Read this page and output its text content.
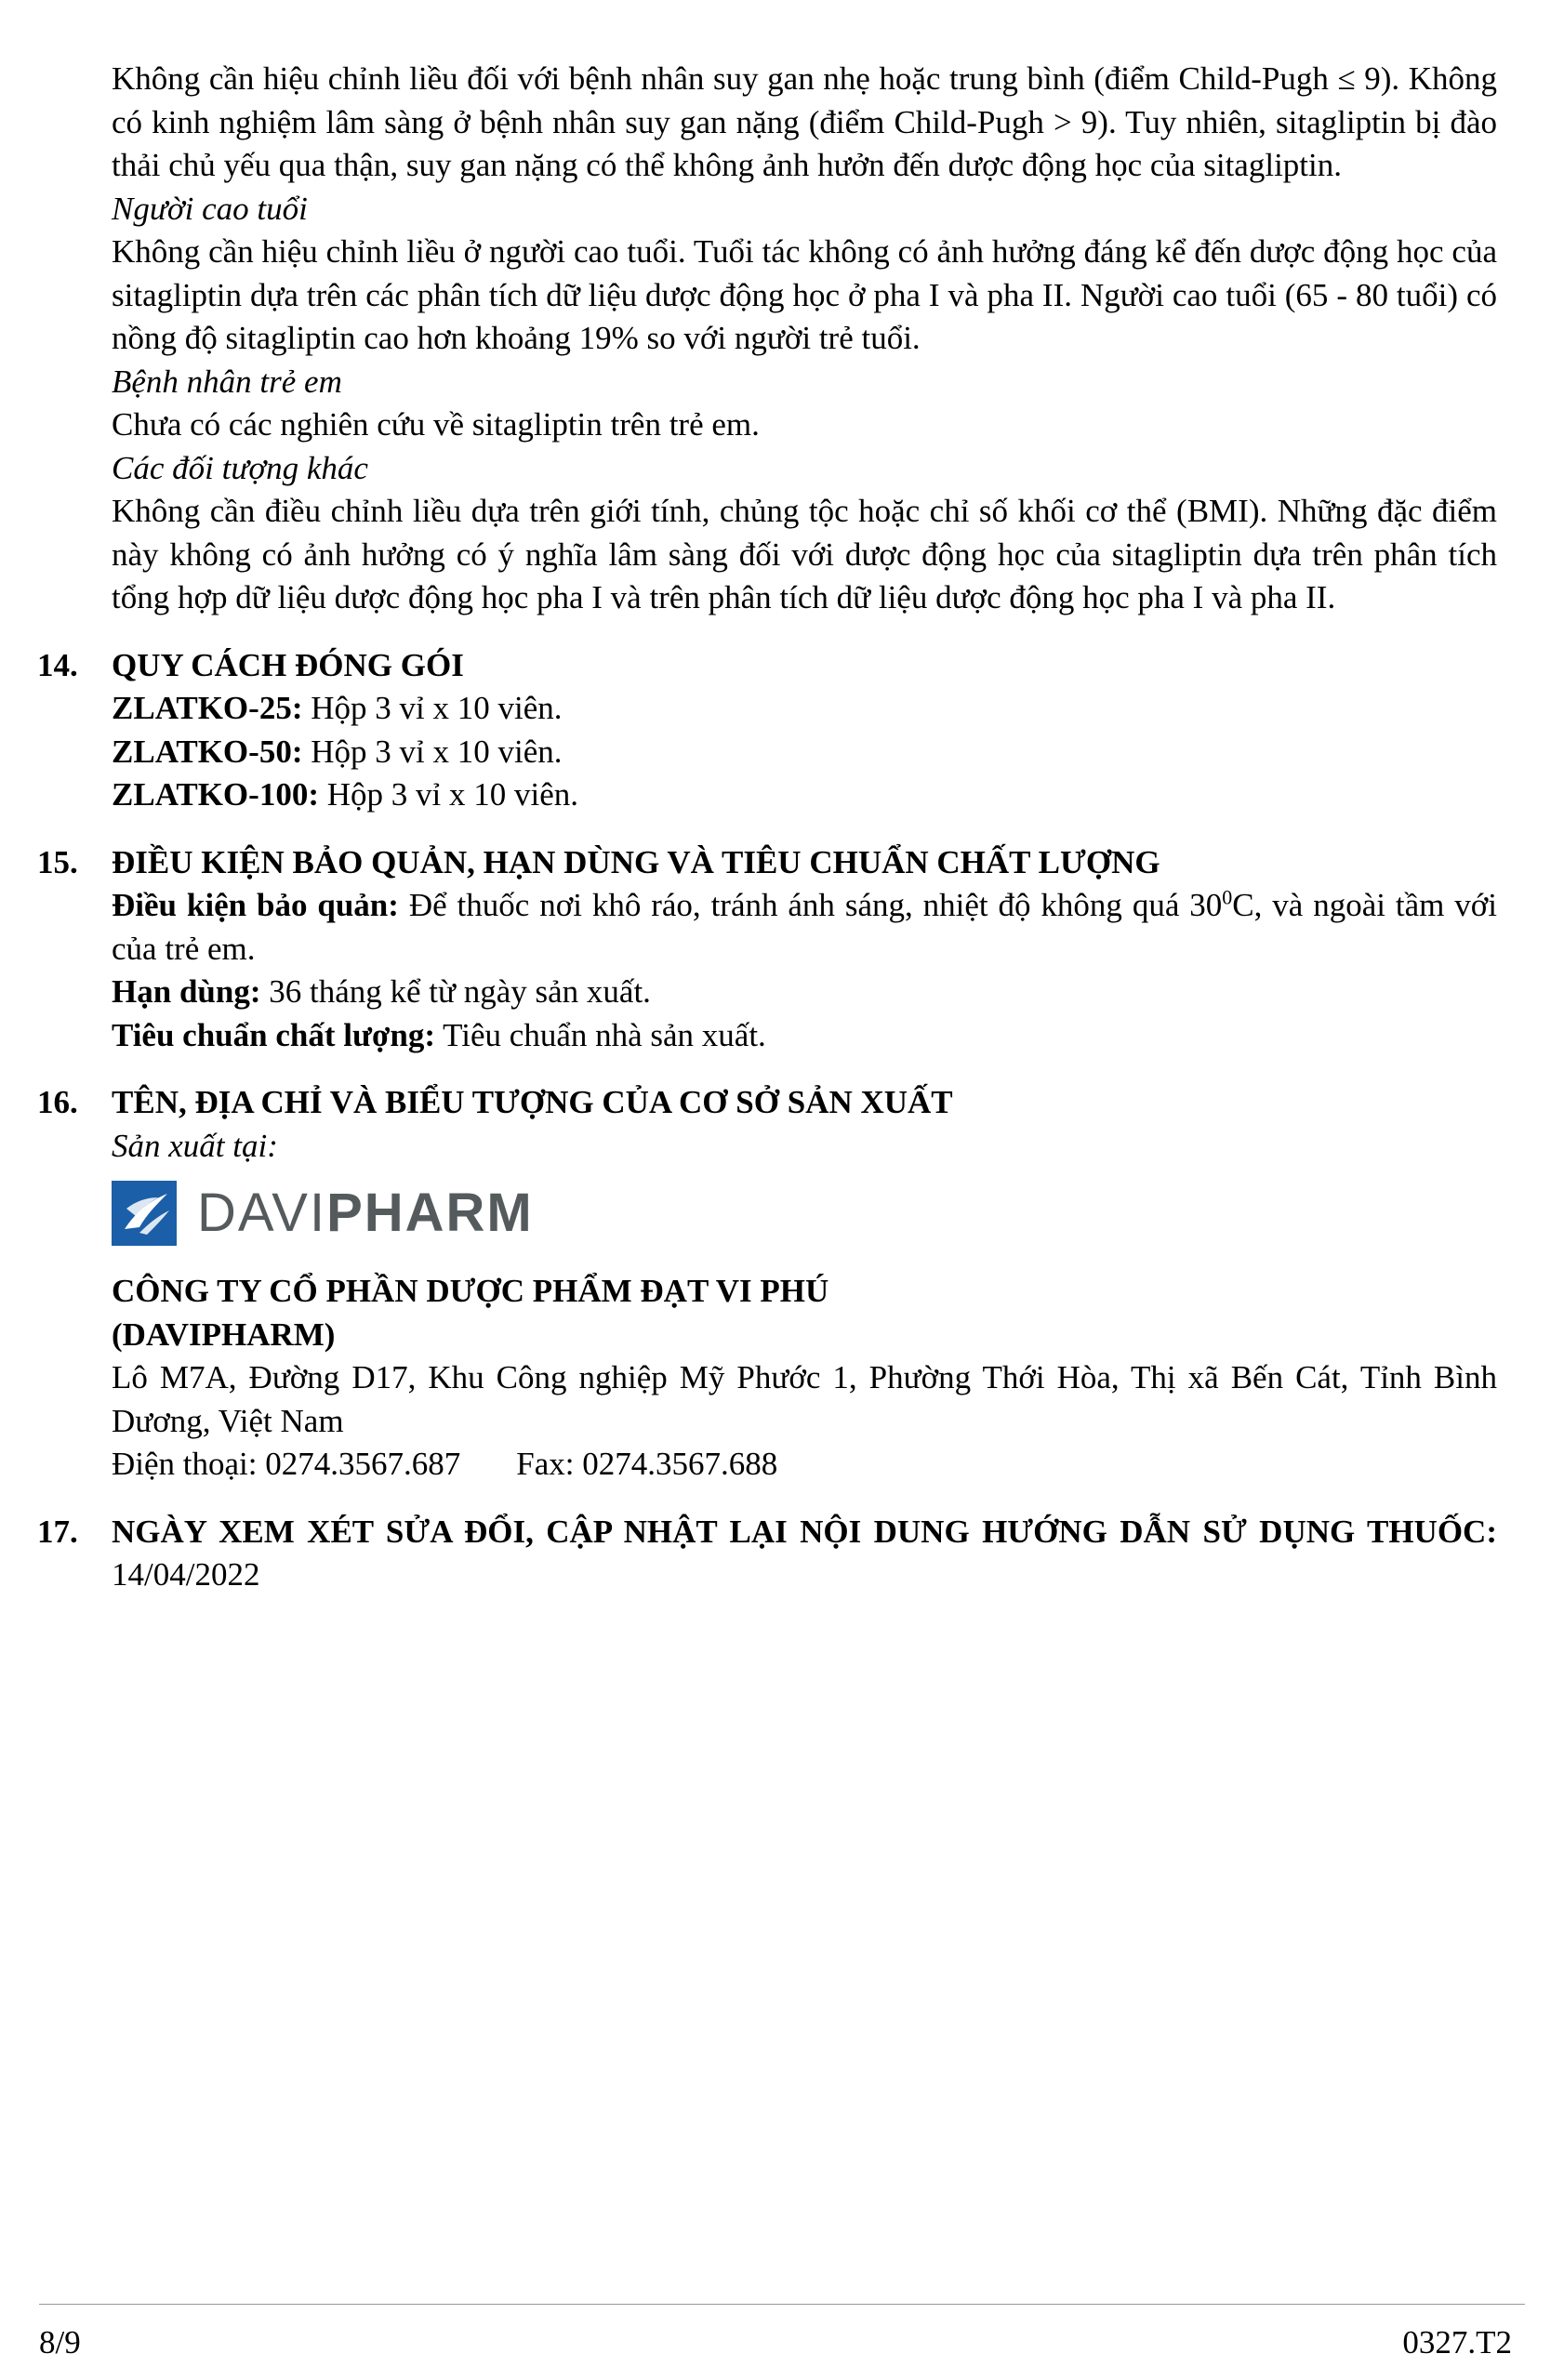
Không cần hiệu chỉnh liều đối với bệnh nhân suy gan nhẹ hoặc trung bình (điểm Child-Pugh ≤ 9). Không có kinh nghiệm lâm sàng ở bệnh nhân suy gan nặng (điểm Child-Pugh > 9). Tuy nhiên, sitagliptin bị đào thải chủ yếu qua thận, suy gan nặng có thể không ảnh hưởn đến dược động học của sitagliptin.

Người cao tuổi

Không cần hiệu chỉnh liều ở người cao tuổi. Tuổi tác không có ảnh hưởng đáng kể đến dược động học của sitagliptin dựa trên các phân tích dữ liệu dược động học ở pha I và pha II. Người cao tuổi (65 - 80 tuổi) có nồng độ sitagliptin cao hơn khoảng 19% so với người trẻ tuổi.

Bệnh nhân trẻ em

Chưa có các nghiên cứu về sitagliptin trên trẻ em.

Các đối tượng khác

Không cần điều chỉnh liều dựa trên giới tính, chủng tộc hoặc chỉ số khối cơ thể (BMI). Những đặc điểm này không có ảnh hưởng có ý nghĩa lâm sàng đối với dược động học của sitagliptin dựa trên phân tích tổng hợp dữ liệu dược động học pha I và trên phân tích dữ liệu dược động học pha I và pha II.

14. QUY CÁCH ĐÓNG GÓI

ZLATKO-25: Hộp 3 vỉ x 10 viên.

ZLATKO-50: Hộp 3 vỉ x 10 viên.

ZLATKO-100: Hộp 3 vỉ x 10 viên.

15. ĐIỀU KIỆN BẢO QUẢN, HẠN DÙNG VÀ TIÊU CHUẨN CHẤT LƯỢNG

Điều kiện bảo quản: Để thuốc nơi khô ráo, tránh ánh sáng, nhiệt độ không quá $30^0C$, và ngoài tầm với của trẻ em.

Hạn dùng: 36 tháng kể từ ngày sản xuất.

Tiêu chuẩn chất lượng: Tiêu chuẩn nhà sản xuất.

16. TÊN, ĐỊA CHỈ VÀ BIỂU TƯỢNG CỦA CƠ SỞ SẢN XUẤT

Sản xuất tại:

DAVIPHARM

CÔNG TY CỔ PHẦN DƯỢC PHẨM ĐẠT VI PHÚ

(DAVIPHARM)

Lô M7A, Đường D17, Khu Công nghiệp Mỹ Phước 1, Phường Thới Hòa, Thị xã Bến Cát, Tỉnh Bình Dương, Việt Nam

Điện thoại: 0274.3567.687 Fax: 0274.3567.688

17. NGÀY XEM XÉT SỬA ĐỔI, CẬP NHẬT LẠI NỘI DUNG HƯỚNG DẪN SỬ DỤNG THUỐC: 14/04/2022

8/9	0327.T2
